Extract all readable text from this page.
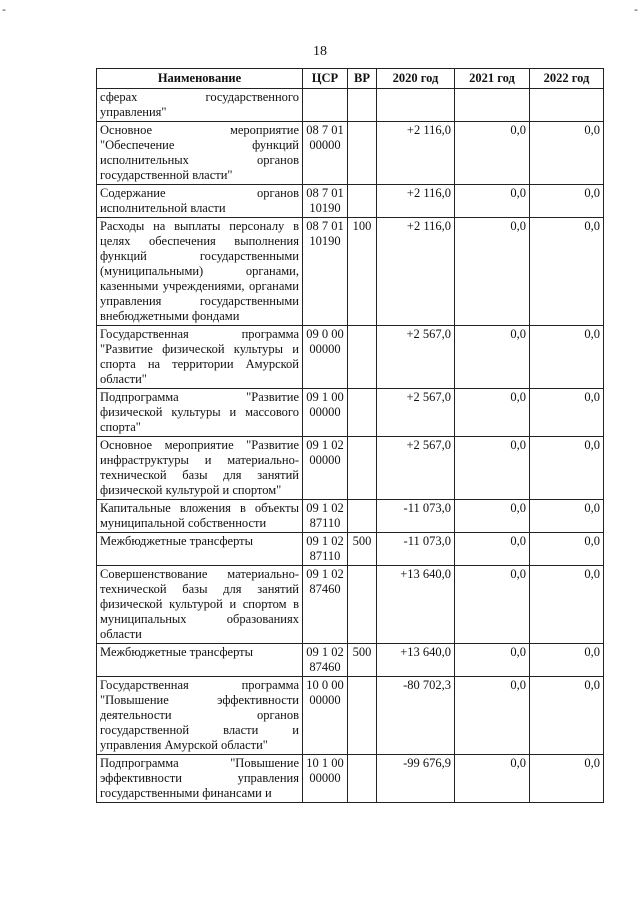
-	-
18
Наименование	ЦСР	ВР	2020 год	2021 год	2022 год
сферах государственного управления"					
Основное мероприятие "Обеспечение функций исполнительных органов государственной власти"	08 7 01 00000		+2 116,0	0,0	0,0
Содержание органов исполнительной власти	08 7 01 10190		+2 116,0	0,0	0,0
Расходы на выплаты персоналу в целях обеспечения выполнения функций государственными (муниципальными) органами, казенными учреждениями, органами управления государственными внебюджетными фондами	08 7 01 10190	100	+2 116,0	0,0	0,0
Государственная программа "Развитие физической культуры и спорта на территории Амурской области"	09 0 00 00000		+2 567,0	0,0	0,0
Подпрограмма "Развитие физической культуры и массового спорта"	09 1 00 00000		+2 567,0	0,0	0,0
Основное мероприятие "Развитие инфраструктуры и материально-технической базы для занятий физической культурой и спортом"	09 1 02 00000		+2 567,0	0,0	0,0
Капитальные вложения в объекты муниципальной собственности	09 1 02 87110		-11 073,0	0,0	0,0
Межбюджетные трансферты	09 1 02 87110	500	-11 073,0	0,0	0,0
Совершенствование материально-технической базы для занятий физической культурой и спортом в муниципальных образованиях области	09 1 02 87460		+13 640,0	0,0	0,0
Межбюджетные трансферты	09 1 02 87460	500	+13 640,0	0,0	0,0
Государственная программа "Повышение эффективности деятельности органов государственной власти и управления Амурской области"	10 0 00 00000		-80 702,3	0,0	0,0
Подпрограмма "Повышение эффективности управления государственными финансами и	10 1 00 00000		-99 676,9	0,0	0,0
